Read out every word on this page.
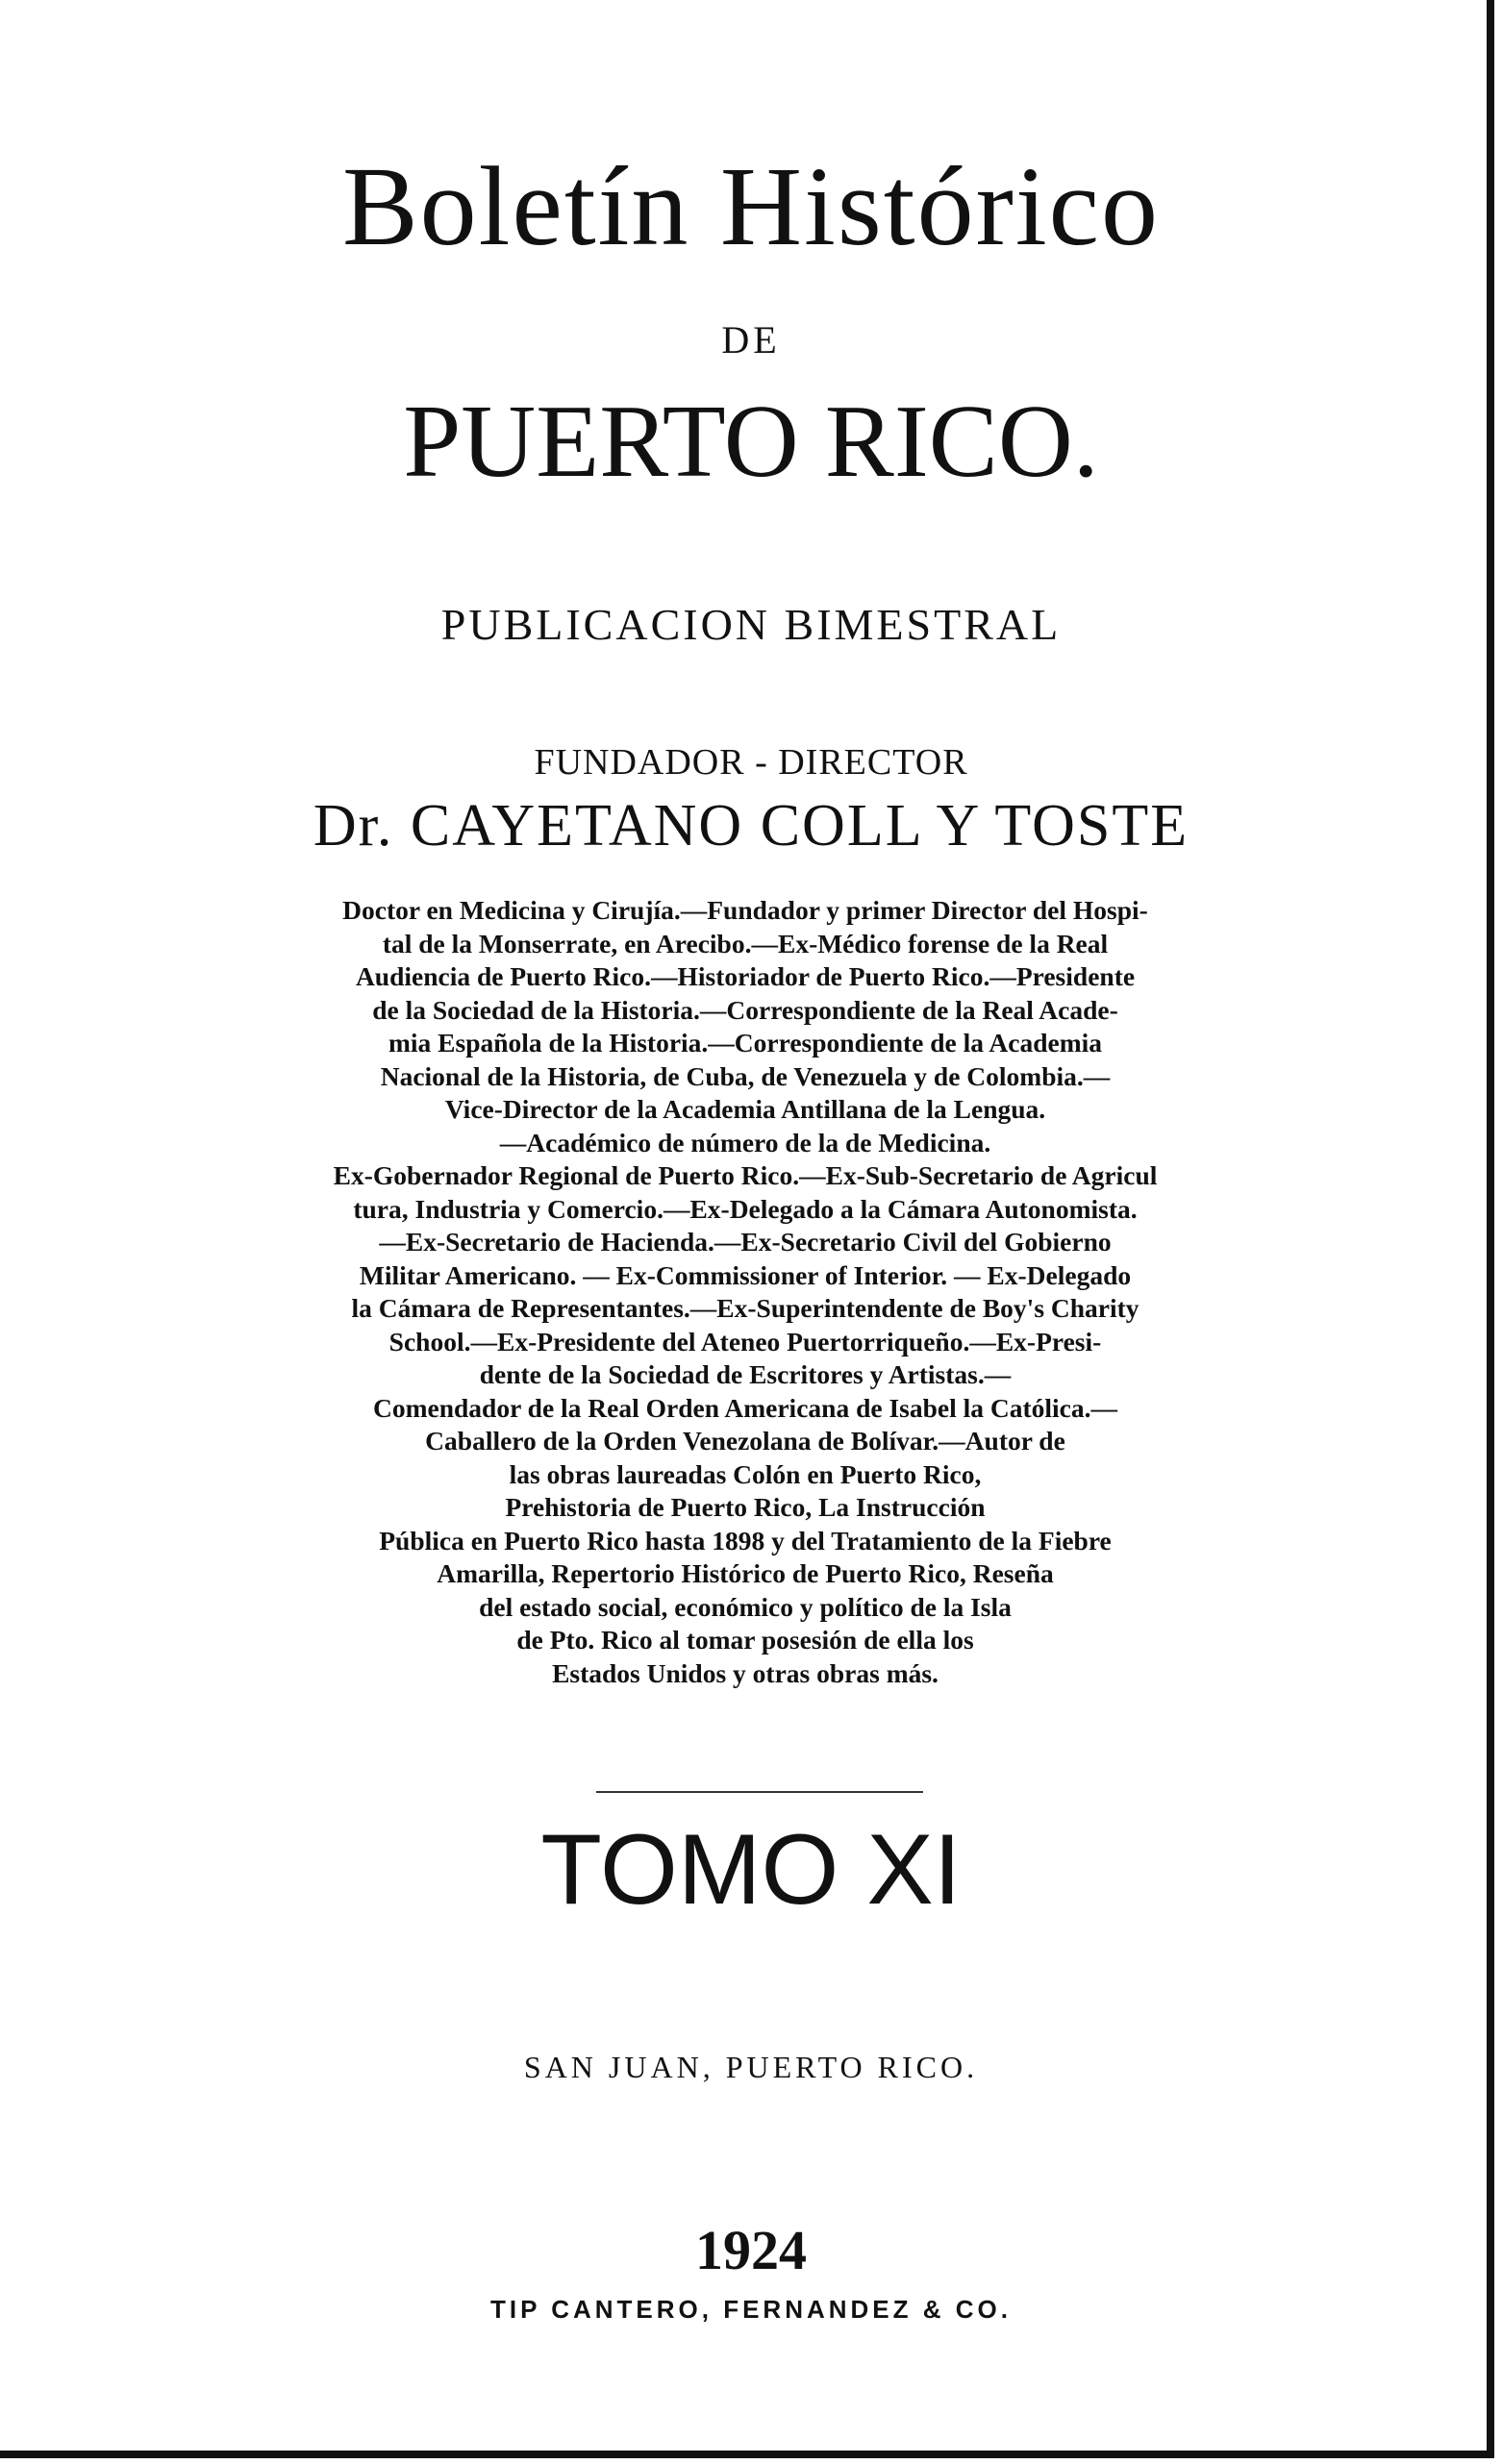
Boletín Histórico
DE
PUERTO RICO.
PUBLICACION BIMESTRAL
FUNDADOR - DIRECTOR
Dr. CAYETANO COLL Y TOSTE
Doctor en Medicina y Cirujía.—Fundador y primer Director del Hospi-
tal de la Monserrate, en Arecibo.—Ex-Médico forense de la Real
Audiencia de Puerto Rico.—Historiador de Puerto Rico.—Presidente
de la Sociedad de la Historia.—Correspondiente de la Real Acade-
mia Española de la Historia.—Correspondiente de la Academia
Nacional de la Historia, de Cuba, de Venezuela y de Colombia.—
Vice-Director de la Academia Antillana de la Lengua.
—Académico de número de la de Medicina.
Ex-Gobernador Regional de Puerto Rico.—Ex-Sub-Secretario de Agricul
tura, Industria y Comercio.—Ex-Delegado a la Cámara Autonomista.
—Ex-Secretario de Hacienda.—Ex-Secretario Civil del Gobierno
Militar Americano. — Ex-Commissioner of Interior. — Ex-Delegado
la Cámara de Representantes.—Ex-Superintendente de Boy's Charity
School.—Ex-Presidente del Ateneo Puertorriqueño.—Ex-Presi-
dente de la Sociedad de Escritores y Artistas.—
Comendador de la Real Orden Americana de Isabel la Católica.—
Caballero de la Orden Venezolana de Bolívar.—Autor de
las obras laureadas Colón en Puerto Rico,
Prehistoria de Puerto Rico, La Instrucción
Pública en Puerto Rico hasta 1898 y del Tratamiento de la Fiebre
Amarilla, Repertorio Histórico de Puerto Rico, Reseña
del estado social, económico y político de la Isla
de Pto. Rico al tomar posesión de ella los
Estados Unidos y otras obras más.
TOMO XI
SAN JUAN, PUERTO RICO.
1924
TIP CANTERO, FERNANDEZ & CO.
